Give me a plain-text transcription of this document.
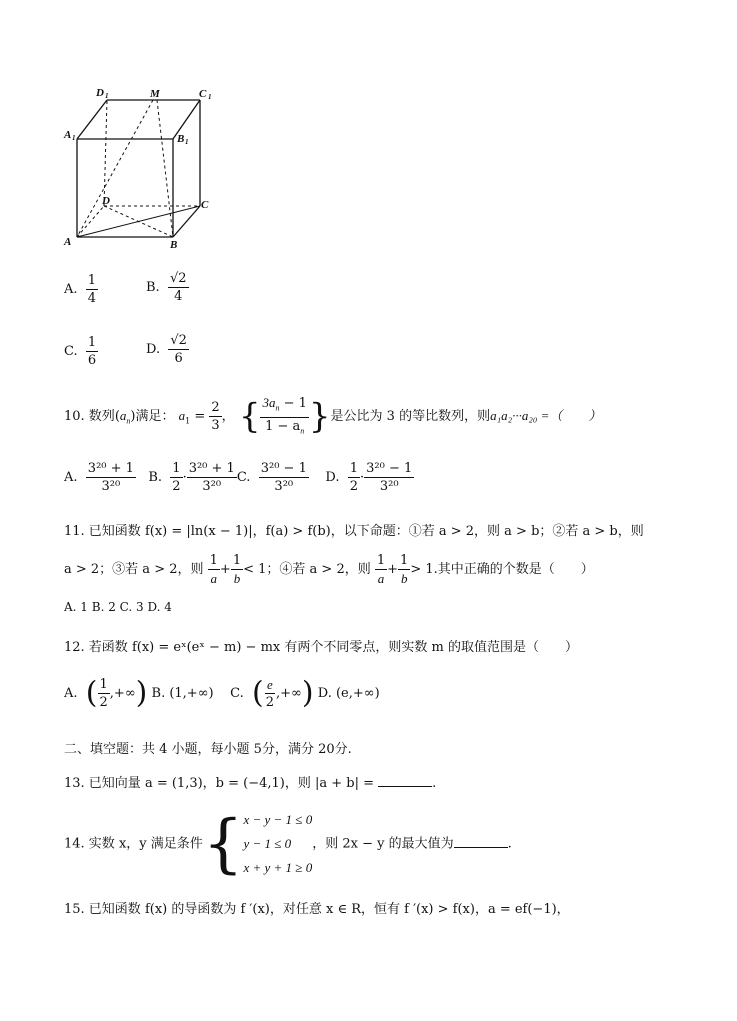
D 1	M	C 1
A 1	B 1
D	C
A	B
A. $\frac{1}{4}$	B. $\frac{√2}{4}$
C. $\frac{1}{6}$	D. $\frac{√2}{6}$
10. 数列$(a_n)$满足： $a_1 = \frac{2}{3}$ ， { $\frac{3a_n - 1}{1 - a_n}$ }是公比为 3 的等比数列，则a₁a₂···a₂₀ =（　　）
A. $\frac{\text{3²⁰ + 1}}{\text{3²⁰}} B$. $\frac{1}{2} \cdot \frac{\text{3²⁰ + 1}}{\text{3²⁰}} C$. $\frac{\text{3²⁰ − 1}}{\text{3²⁰}} D$. $\frac{1}{2} \cdot \frac{\text{3²⁰ − 1}}{\text{3²⁰}}$
11. 已知函数 f(x) = |ln(x − 1)|，f(a) > f(b)，以下命题：①若 a > 2，则 a > b；②若 a > b，则
a > 2；③若 a > 2，则 $\frac{1}{a} + \frac{1}{b} < 1$；④若 a > 2，则 $\frac{1}{a} + \frac{1}{b} > 1$.其中正确的个数是（　　）
A. 1 B. 2 C. 3 D. 4
12. 若函数 f(x) = eˣ(eˣ − m) − mx 有两个不同零点，则实数 m 的取值范围是（　　）
A. ( $\frac{1}{2}$ ,+∞) B. (1,+∞) C. ( $\frac{e}{2}$ ,+∞) D. (e,+∞)
二、填空题：共 4 小题，每小题 5分，满分 20分.
13. 已知向量 a = (1,3)，b = (−4,1)，则 |a + b| =	.
14. 实数 x，y 满足条件{ x − y − 1 ≤ 0
y − 1 ≤ 0
x + y + 1 ≥ 0
，则 2x − y 的最大值为	.
15. 已知函数 f(x) 的导函数为 f ′(x)，对任意 x ∈ R，恒有 f ′(x) > f(x)，a = ef(−1)，
